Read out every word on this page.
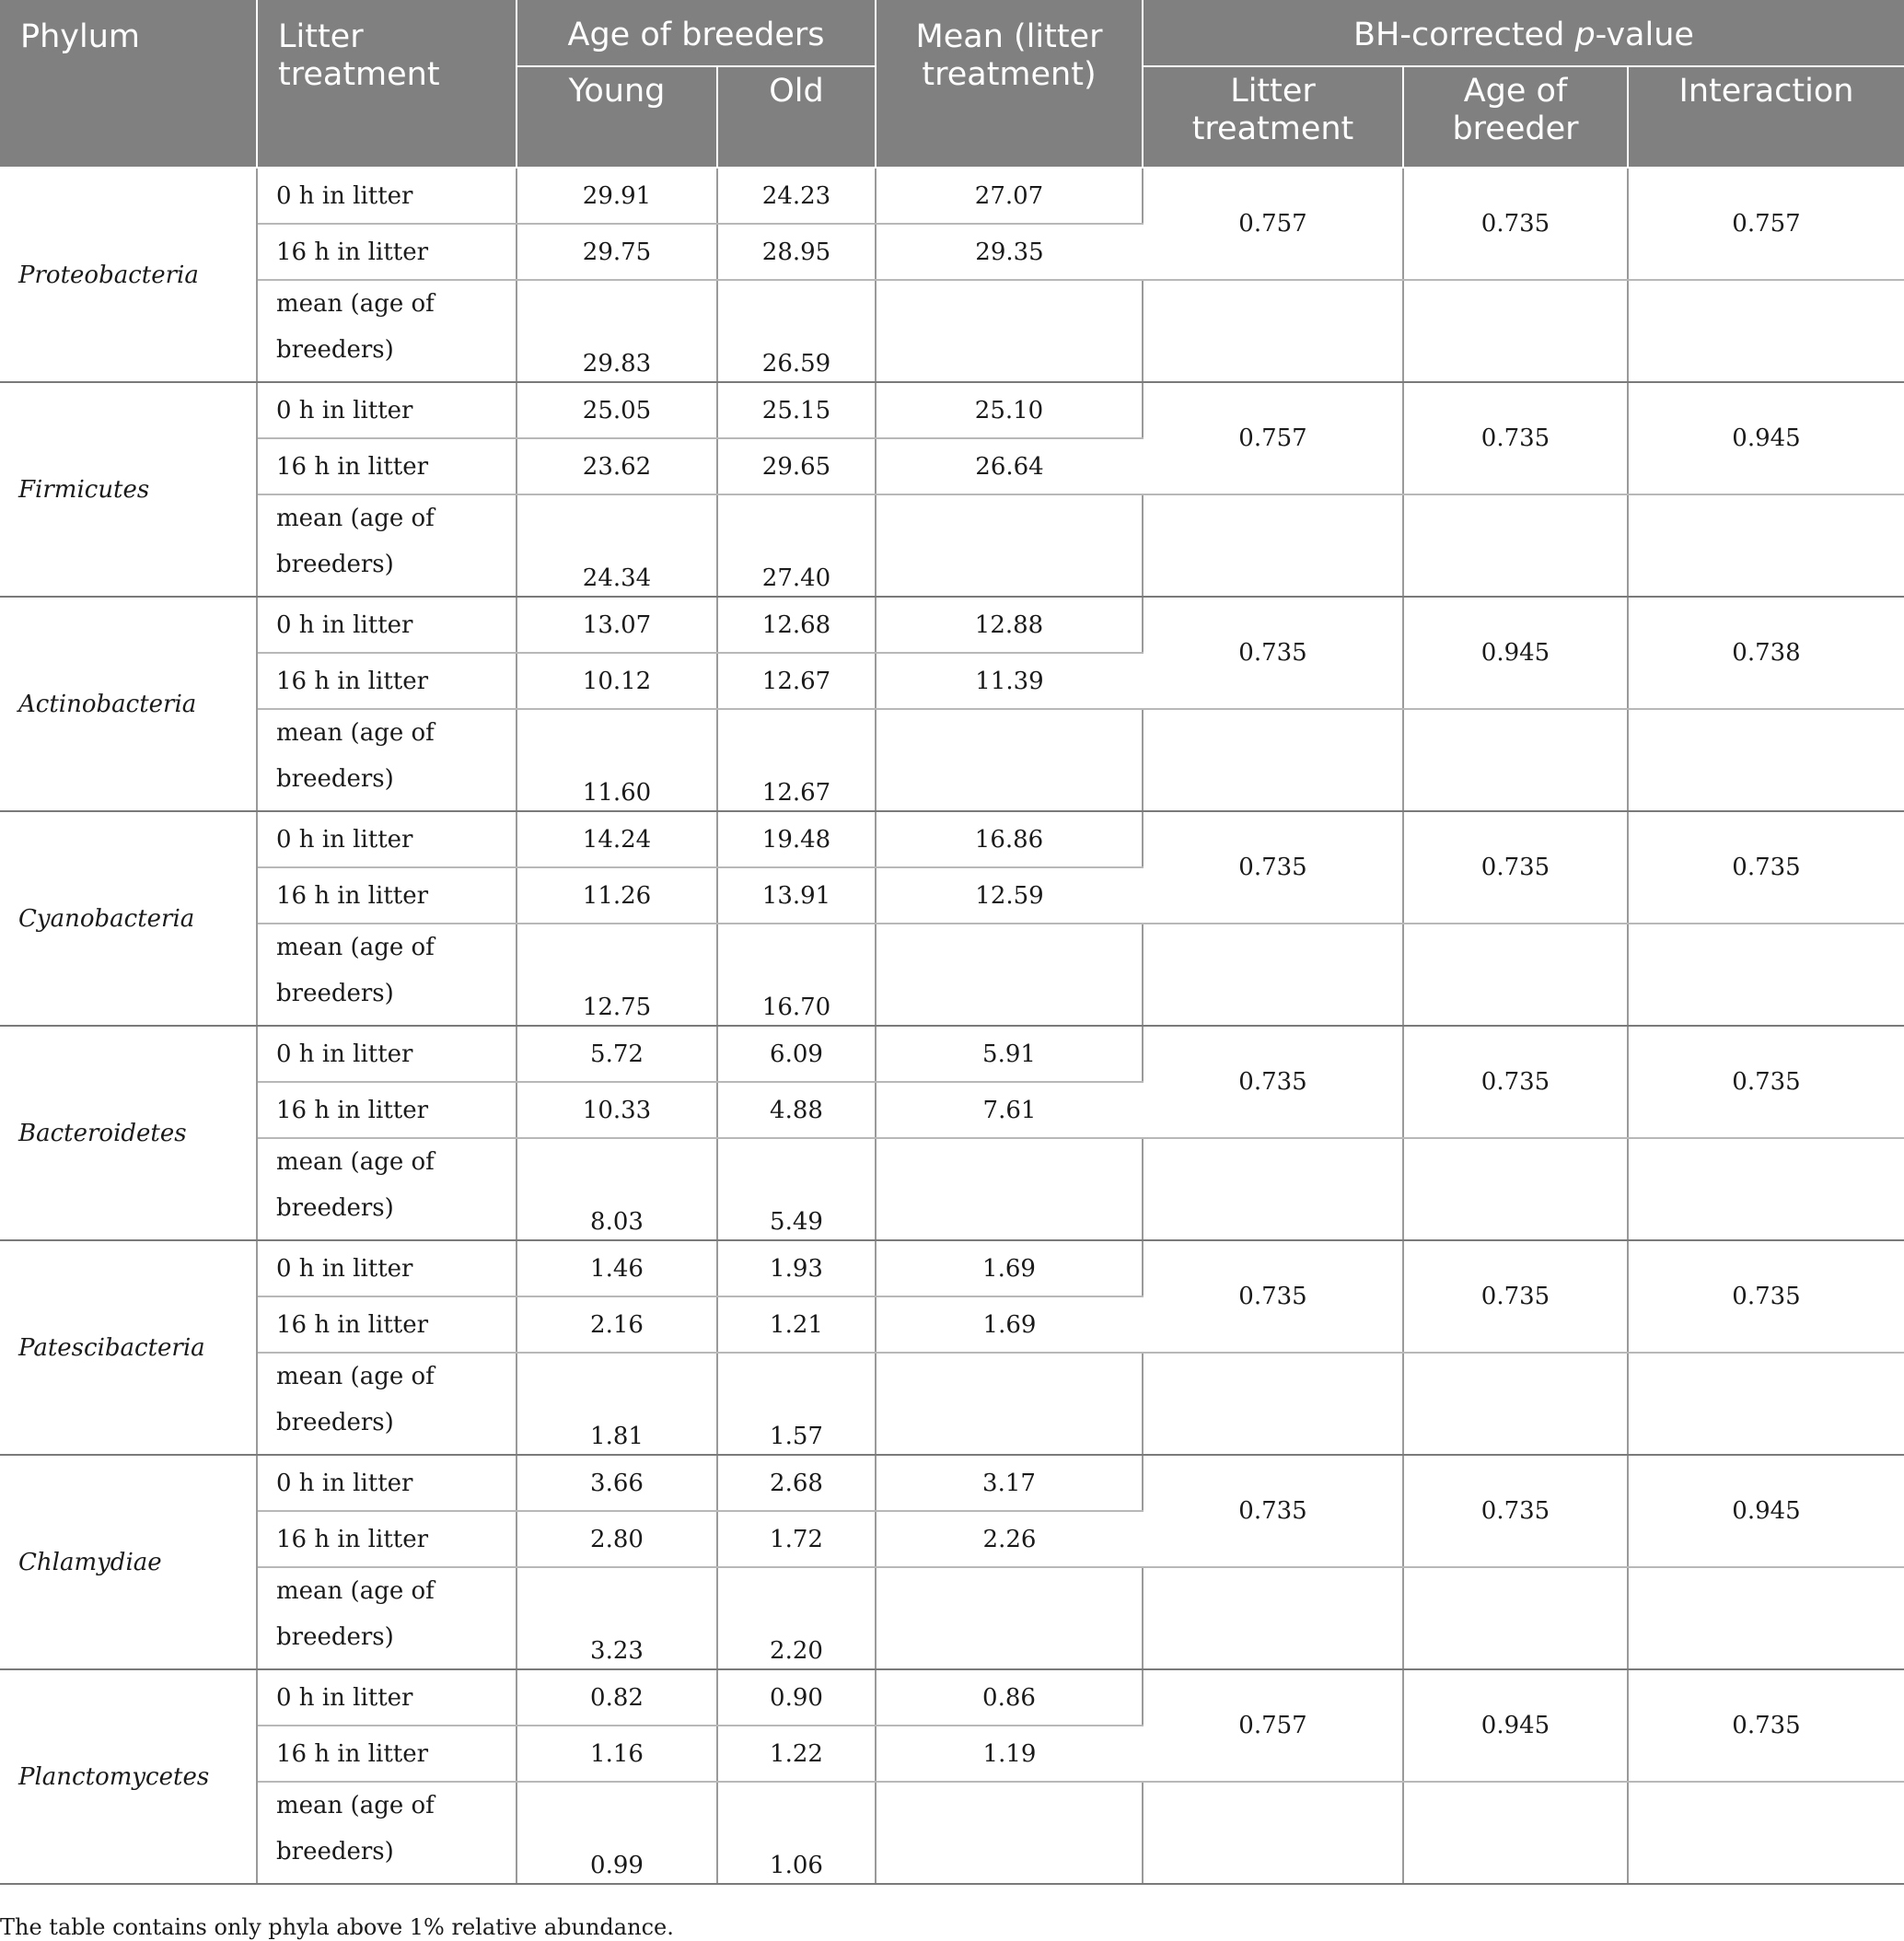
Phylum	Litter treatment	Age of breeders		Mean (litter treatment)	BH-corrected p-value		
		Young	Old		Litter treatment	Age of breeder	Interaction
Proteobacteria	0 h in litter	29.91	24.23	27.07	0.757	0.735	0.757
	16 h in litter	29.75	28.95	29.35			
	mean (age of breeders)	29.83	26.59				
Firmicutes	0 h in litter	25.05	25.15	25.10	0.757	0.735	0.945
	16 h in litter	23.62	29.65	26.64			
	mean (age of breeders)	24.34	27.40				
Actinobacteria	0 h in litter	13.07	12.68	12.88	0.735	0.945	0.738
	16 h in litter	10.12	12.67	11.39			
	mean (age of breeders)	11.60	12.67				
Cyanobacteria	0 h in litter	14.24	19.48	16.86	0.735	0.735	0.735
	16 h in litter	11.26	13.91	12.59			
	mean (age of breeders)	12.75	16.70				
Bacteroidetes	0 h in litter	5.72	6.09	5.91	0.735	0.735	0.735
	16 h in litter	10.33	4.88	7.61			
	mean (age of breeders)	8.03	5.49				
Patescibacteria	0 h in litter	1.46	1.93	1.69	0.735	0.735	0.735
	16 h in litter	2.16	1.21	1.69			
	mean (age of breeders)	1.81	1.57				
Chlamydiae	0 h in litter	3.66	2.68	3.17	0.735	0.735	0.945
	16 h in litter	2.80	1.72	2.26			
	mean (age of breeders)	3.23	2.20				
Planctomycetes	0 h in litter	0.82	0.90	0.86	0.757	0.945	0.735
	16 h in litter	1.16	1.22	1.19			
	mean (age of breeders)	0.99	1.06				
The table contains only phyla above 1% relative abundance.
